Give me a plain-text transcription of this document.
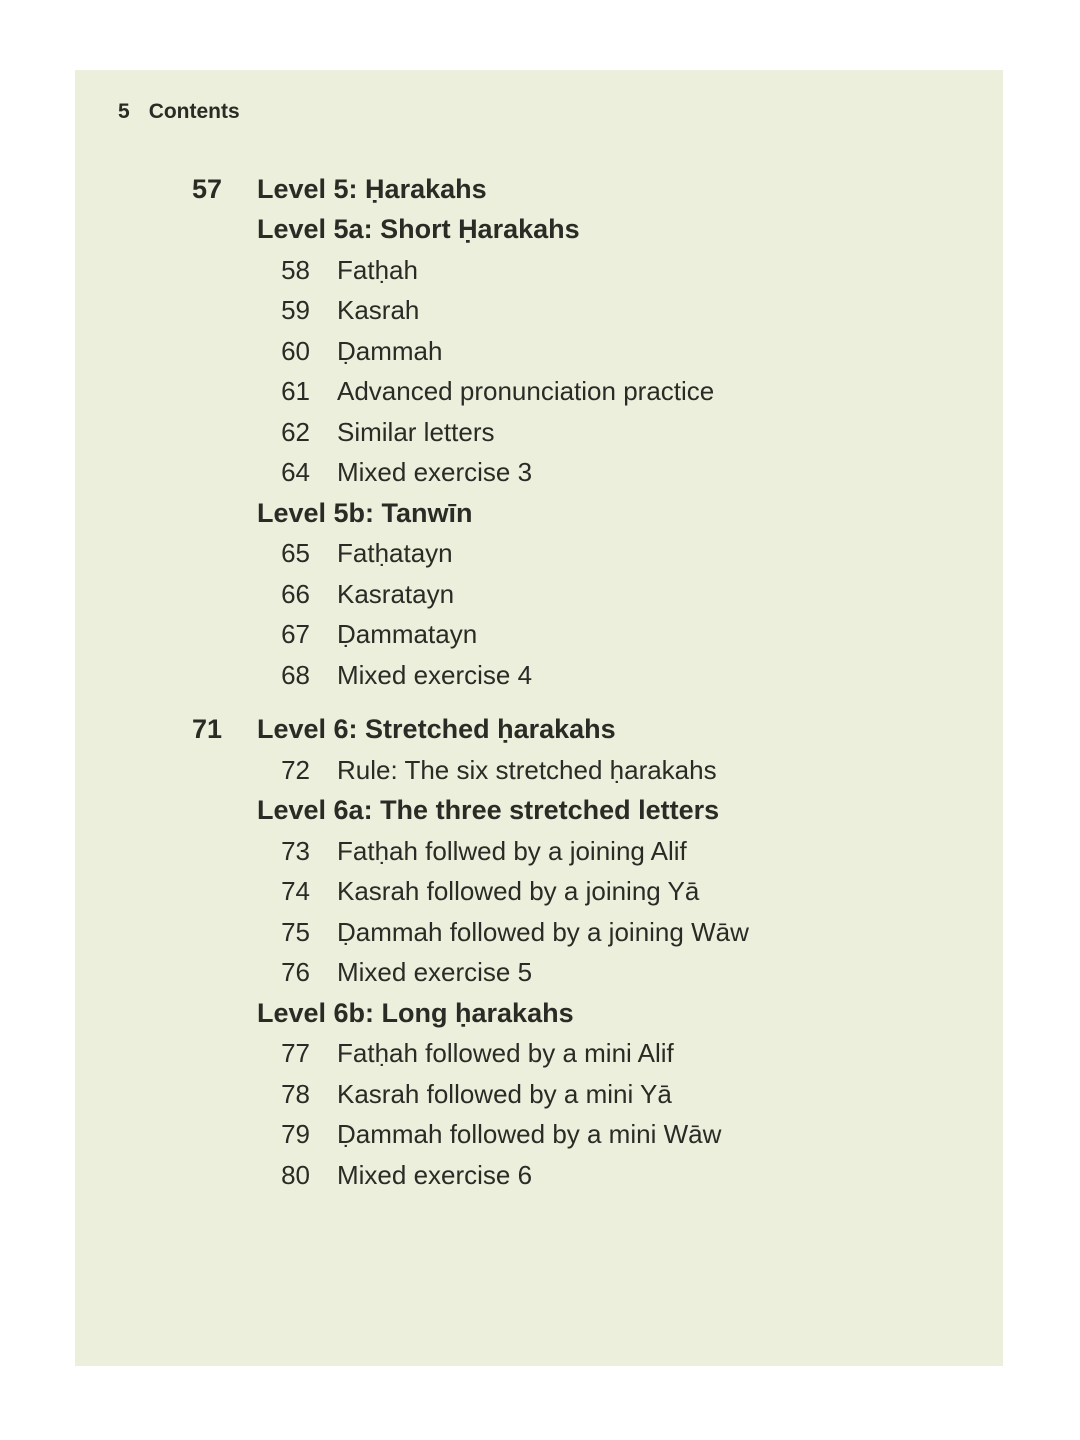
5 Contents
57 Level 5: Ḥarakahs
Level 5a: Short Ḥarakahs
58 Fatḥah
59 Kasrah
60 Ḍammah
61 Advanced pronunciation practice
62 Similar letters
64 Mixed exercise 3
Level 5b: Tanwīn
65 Fatḥatayn
66 Kasratayn
67 Ḍammatayn
68 Mixed exercise 4
71 Level 6: Stretched ḥarakahs
72 Rule: The six stretched ḥarakahs
Level 6a: The three stretched letters
73 Fatḥah follwed by a joining Alif
74 Kasrah followed by a joining Yā
75 Ḍammah followed by a joining Wāw
76 Mixed exercise 5
Level 6b: Long ḥarakahs
77 Fatḥah followed by a mini Alif
78 Kasrah followed by a mini Yā
79 Ḍammah followed by a mini Wāw
80 Mixed exercise 6
